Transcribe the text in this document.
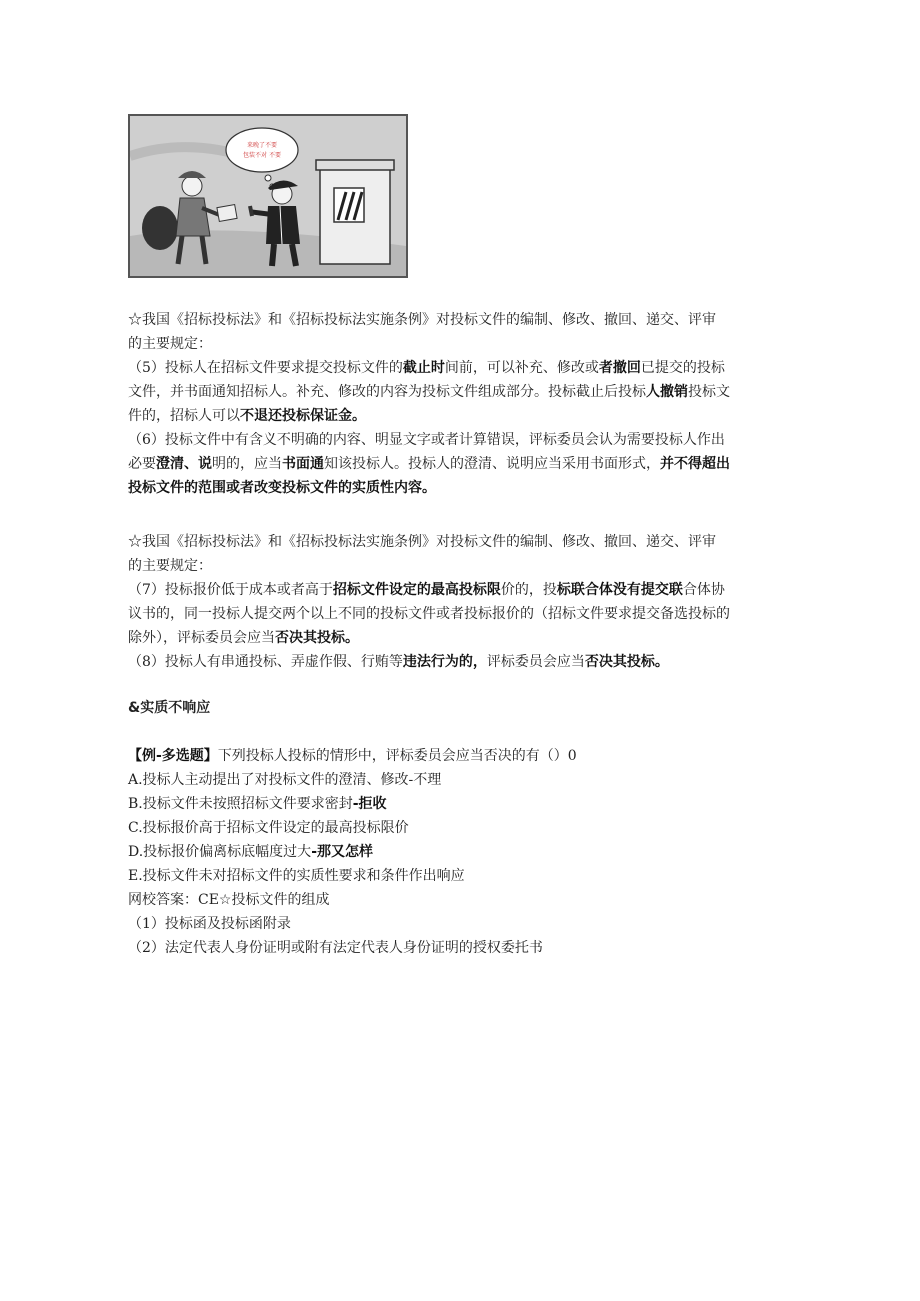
来晚了不要
包装不对 不要

☆我国《招标投标法》和《招标投标法实施条例》对投标文件的编制、修改、撤回、递交、评审

的主要规定：

（5）投标人在招标文件要求提交投标文件的截止时间前，可以补充、修改或者撤回已提交的投标

文件，并书面通知招标人。补充、修改的内容为投标文件组成部分。投标截止后投标人撤销投标文

件的，招标人可以不退还投标保证金。

（6）投标文件中有含义不明确的内容、明显文字或者计算错误，评标委员会认为需要投标人作出

必要澄清、说明的，应当书面通知该投标人。投标人的澄清、说明应当采用书面形式，并不得超出

投标文件的范围或者改变投标文件的实质性内容。

☆我国《招标投标法》和《招标投标法实施条例》对投标文件的编制、修改、撤回、递交、评审

的主要规定：

（7）投标报价低于成本或者高于招标文件设定的最高投标限价的，投标联合体没有提交联合体协

议书的，同一投标人提交两个以上不同的投标文件或者投标报价的（招标文件要求提交备选投标的

除外），评标委员会应当否决其投标。

（8）投标人有串通投标、弄虚作假、行贿等违法行为的，评标委员会应当否决其投标。

&实质不响应

【例-多选题】下列投标人投标的情形中，评标委员会应当否决的有（）0

A.投标人主动提出了对投标文件的澄清、修改-不理

B.投标文件未按照招标文件要求密封-拒收

C.投标报价高于招标文件设定的最高投标限价

D.投标报价偏离标底幅度过大-那又怎样

E.投标文件未对招标文件的实质性要求和条件作出响应

网校答案：CE☆投标文件的组成

（1）投标函及投标函附录

（2）法定代表人身份证明或附有法定代表人身份证明的授权委托书
